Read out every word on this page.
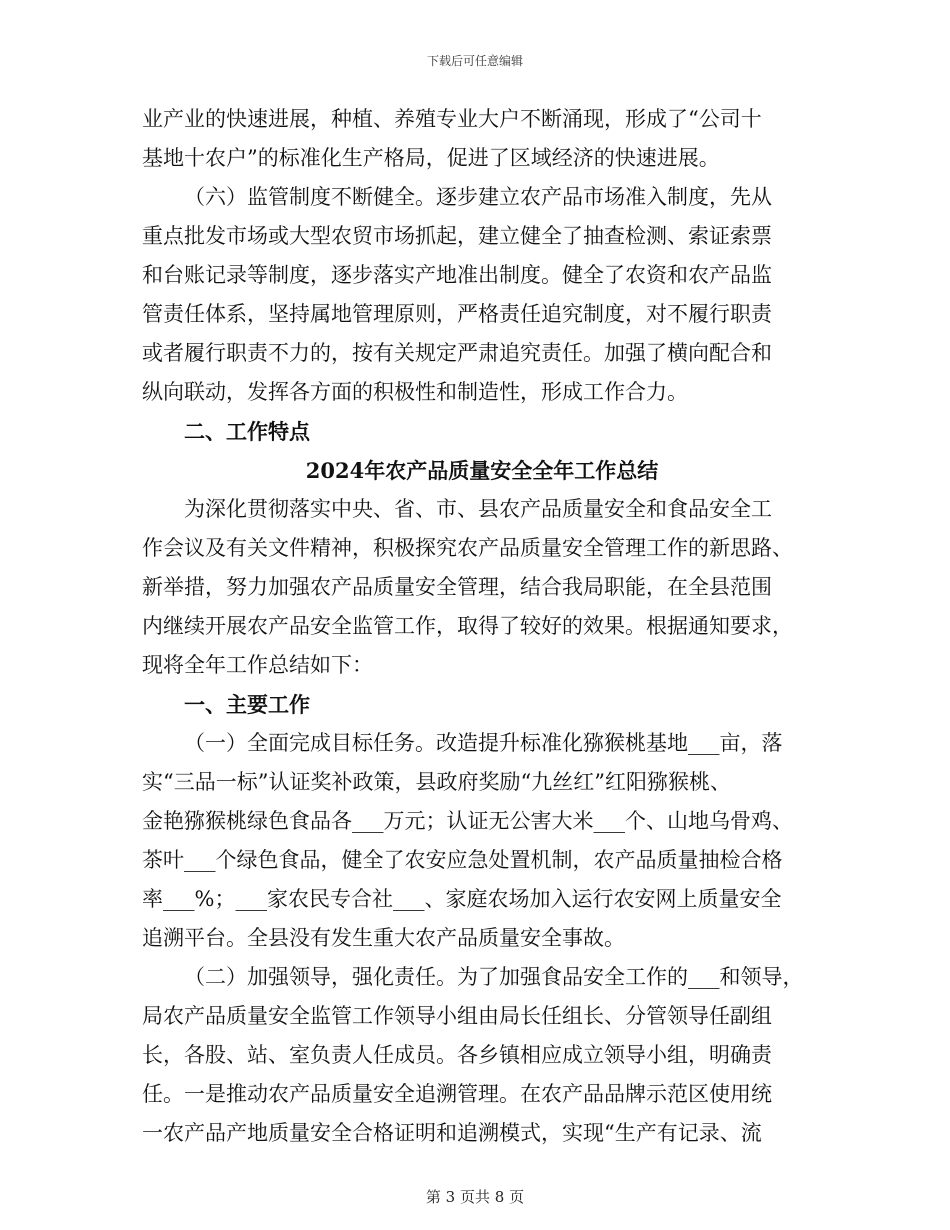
下载后可任意编辑
业产业的快速进展，种植、养殖专业大户不断涌现，形成了“公司十
基地十农户”的标准化生产格局，促进了区域经济的快速进展。
（六）监管制度不断健全。逐步建立农产品市场准入制度，先从
重点批发市场或大型农贸市场抓起，建立健全了抽查检测、索证索票
和台账记录等制度，逐步落实产地准出制度。健全了农资和农产品监
管责任体系，坚持属地管理原则，严格责任追究制度，对不履行职责
或者履行职责不力的，按有关规定严肃追究责任。加强了横向配合和
纵向联动，发挥各方面的积极性和制造性，形成工作合力。
二、工作特点
2024年农产品质量安全全年工作总结
为深化贯彻落实中央、省、市、县农产品质量安全和食品安全工
作会议及有关文件精神，积极探究农产品质量安全管理工作的新思路、
新举措，努力加强农产品质量安全管理，结合我局职能，在全县范围
内继续开展农产品安全监管工作，取得了较好的效果。根据通知要求，
现将全年工作总结如下：
一、主要工作
（一）全面完成目标任务。改造提升标准化猕猴桃基地___亩，落
实“三品一标”认证奖补政策，县政府奖励“九丝红”红阳猕猴桃、
金艳猕猴桃绿色食品各___万元；认证无公害大米___个、山地乌骨鸡、
茶叶___个绿色食品，健全了农安应急处置机制，农产品质量抽检合格
率___%；___家农民专合社___、家庭农场加入运行农安网上质量安全
追溯平台。全县没有发生重大农产品质量安全事故。
（二）加强领导，强化责任。为了加强食品安全工作的___和领导，
局农产品质量安全监管工作领导小组由局长任组长、分管领导任副组
长，各股、站、室负责人任成员。各乡镇相应成立领导小组，明确责
任。一是推动农产品质量安全追溯管理。在农产品品牌示范区使用统
一农产品产地质量安全合格证明和追溯模式，实现“生产有记录、流
第 3 页共 8 页
